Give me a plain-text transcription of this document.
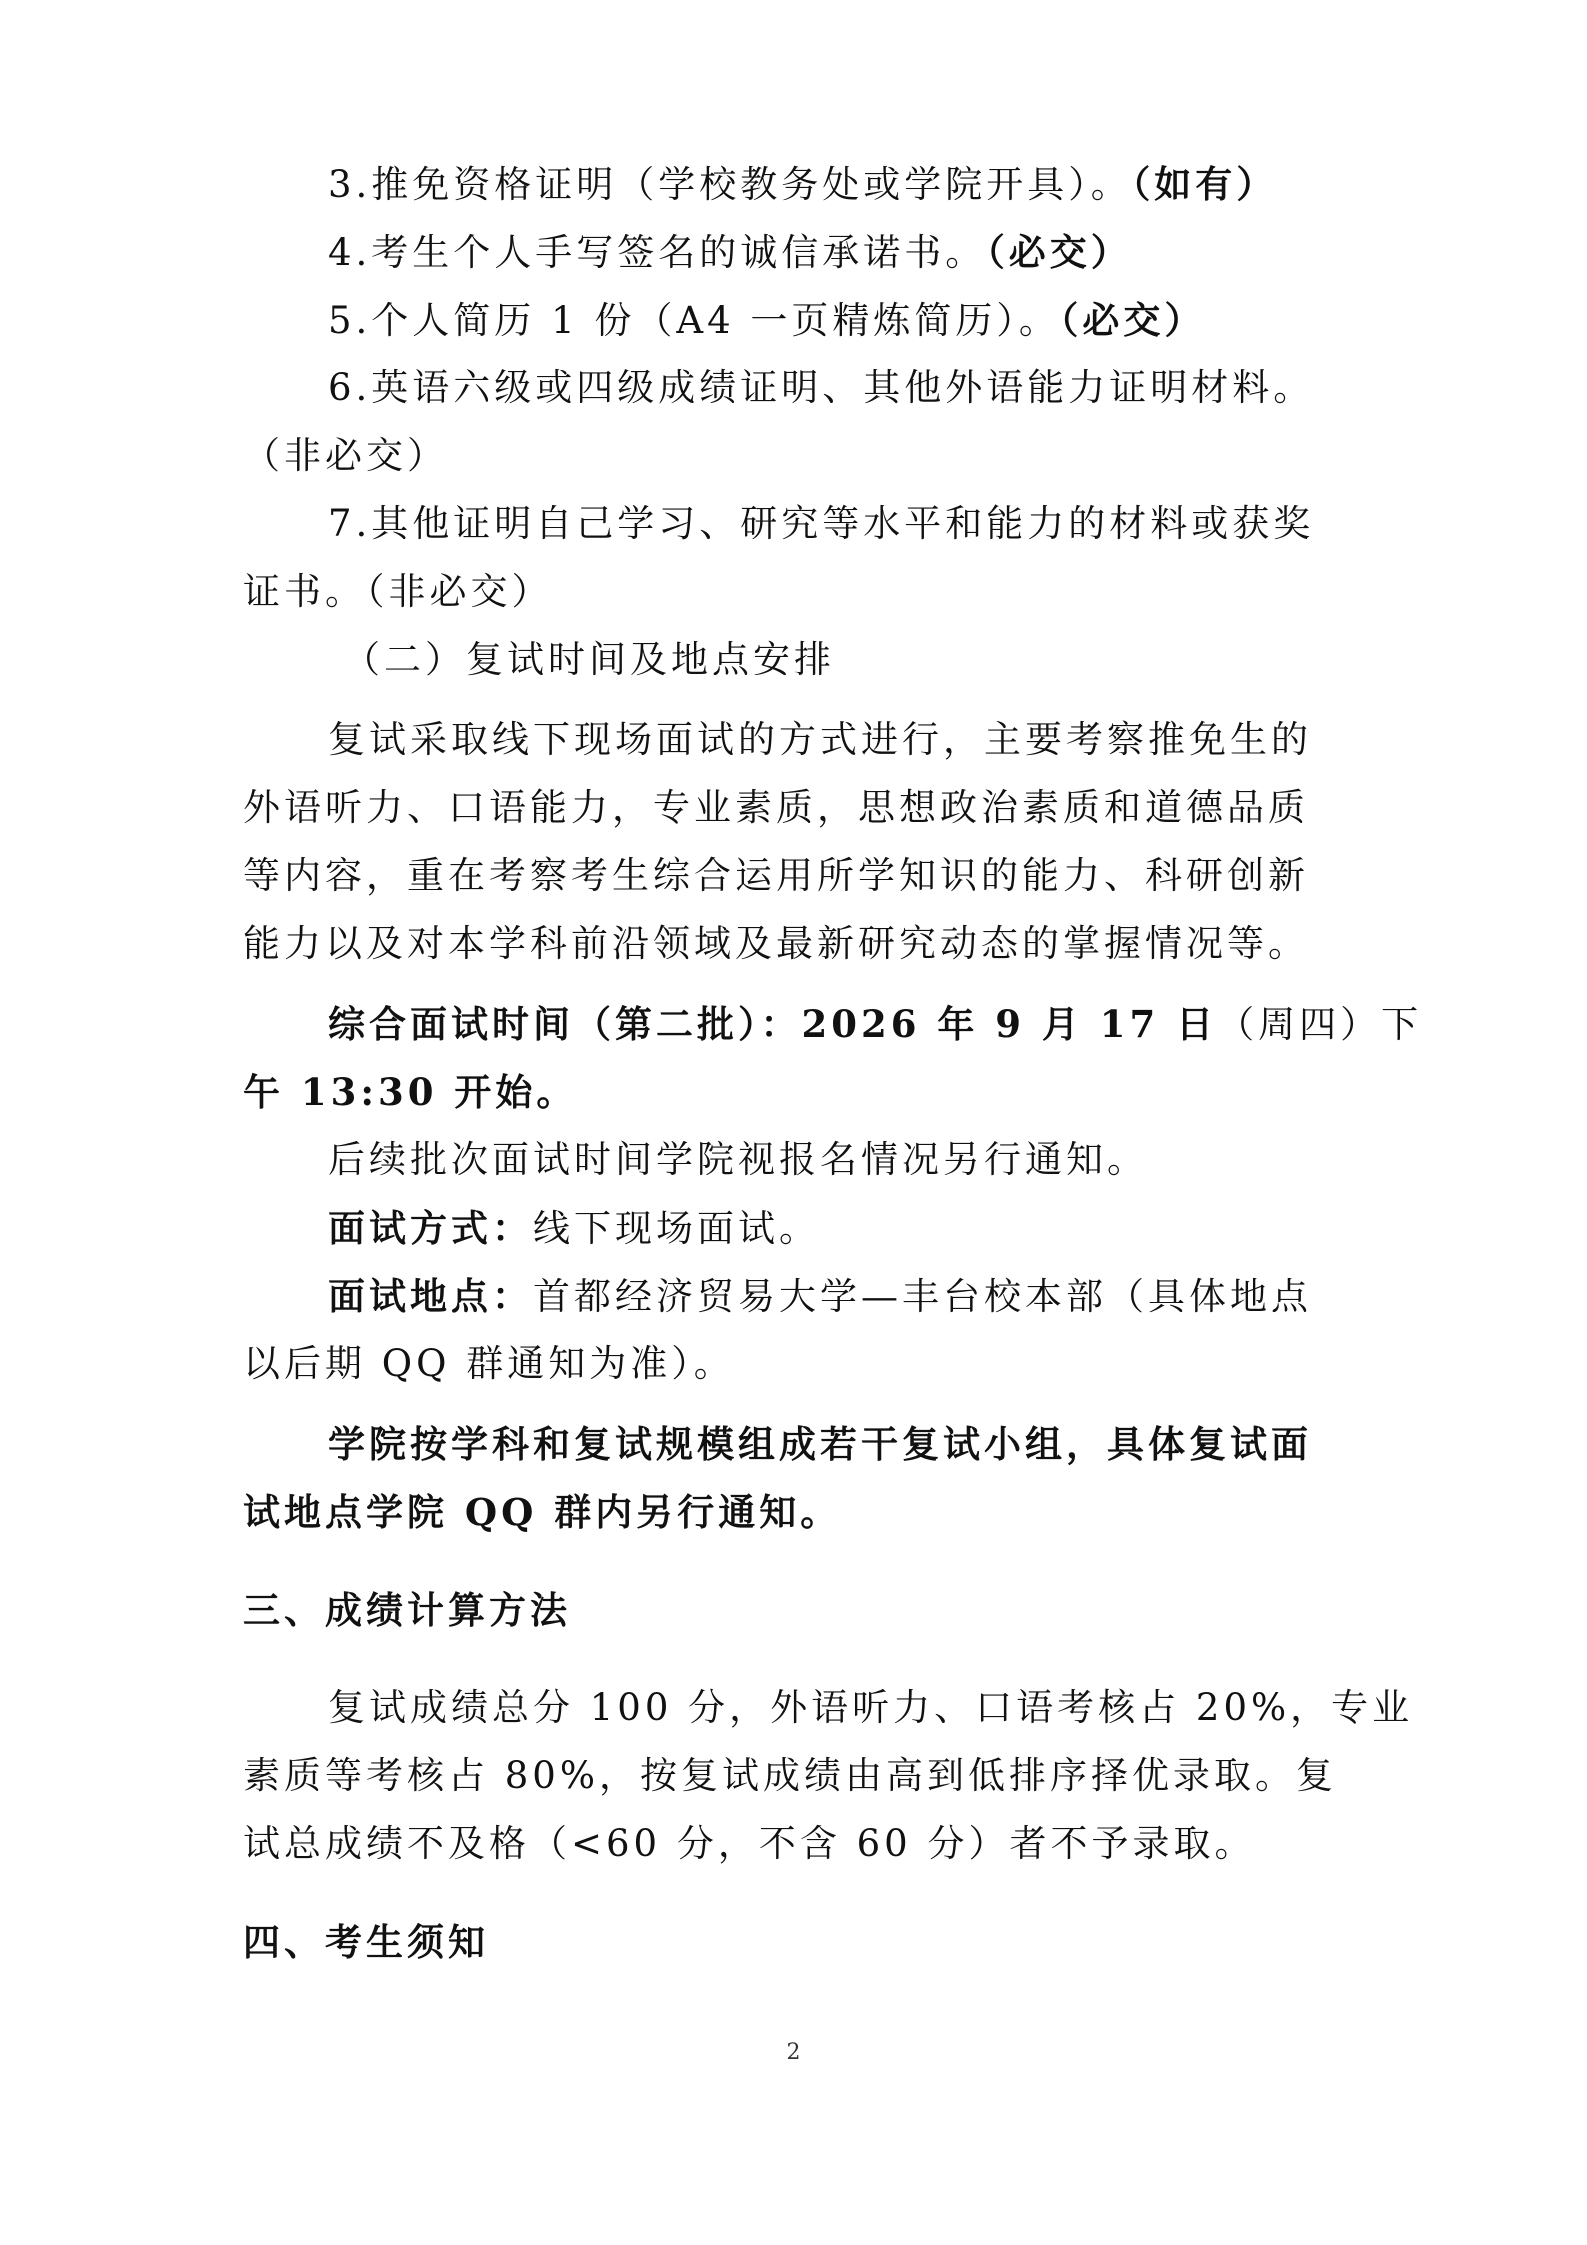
3.推免资格证明（学校教务处或学院开具）。（如有）
4.考生个人手写签名的诚信承诺书。（必交）
5.个人简历 1 份（A4 一页精炼简历）。（必交）
6.英语六级或四级成绩证明、其他外语能力证明材料。
（非必交）
7.其他证明自己学习、研究等水平和能力的材料或获奖
证书。（非必交）
（二）复试时间及地点安排
复试采取线下现场面试的方式进行，主要考察推免生的
外语听力、口语能力，专业素质，思想政治素质和道德品质
等内容，重在考察考生综合运用所学知识的能力、科研创新
能力以及对本学科前沿领域及最新研究动态的掌握情况等。
综合面试时间（第二批）：2026 年 9 月 17 日（周四）下
午 13:30 开始。
后续批次面试时间学院视报名情况另行通知。
面试方式：线下现场面试。
面试地点：首都经济贸易大学—丰台校本部（具体地点
以后期 QQ 群通知为准）。
学院按学科和复试规模组成若干复试小组，具体复试面
试地点学院 QQ 群内另行通知。
三、成绩计算方法
复试成绩总分 100 分，外语听力、口语考核占 20%，专业
素质等考核占 80%，按复试成绩由高到低排序择优录取。复
试总成绩不及格（<60 分，不含 60 分）者不予录取。
四、考生须知
2
